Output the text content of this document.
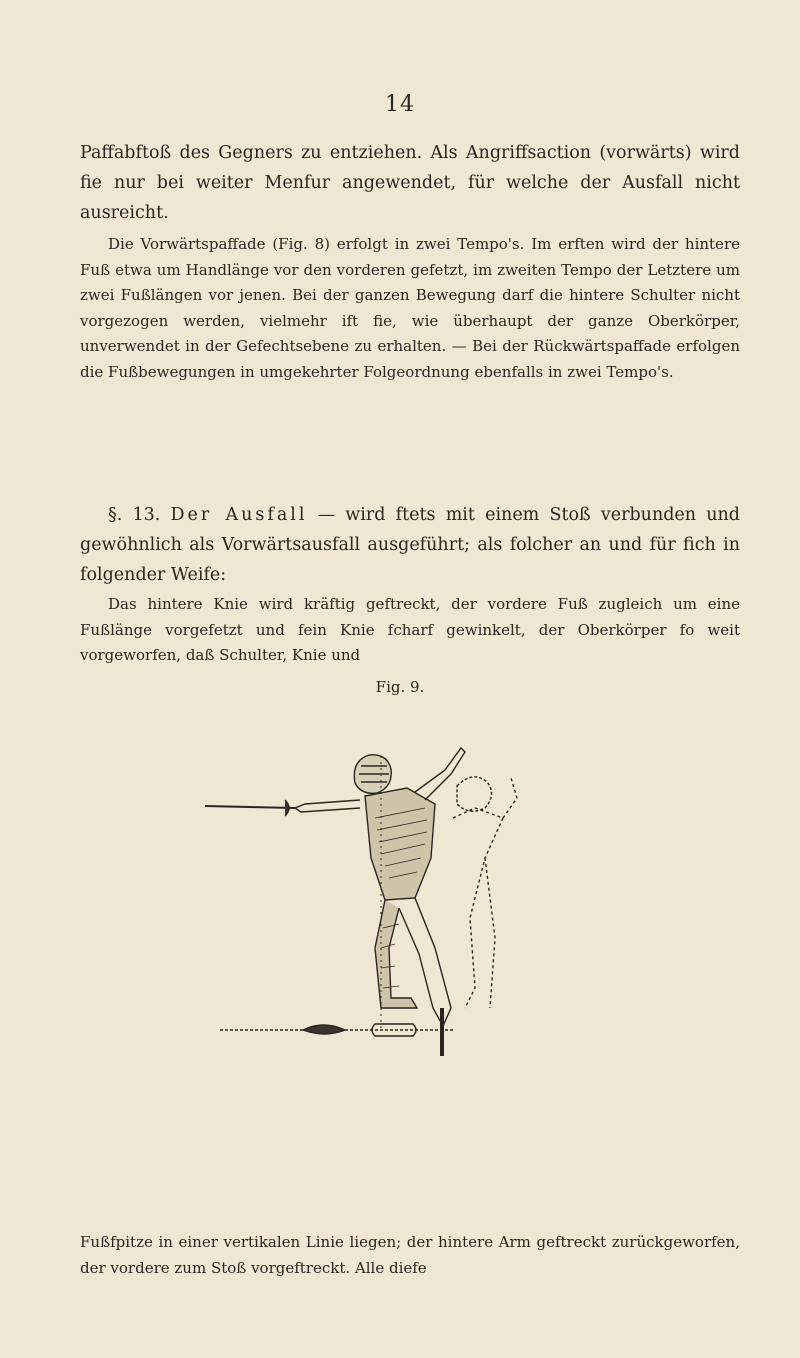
14

Paffabftoß des Gegners zu entziehen. Als Angriffsaction (vorwärts) wird fie nur bei weiter Menfur angewendet, für welche der Ausfall nicht ausreicht.

Die Vorwärtspaffade (Fig. 8) erfolgt in zwei Tempo's. Im erften wird der hintere Fuß etwa um Handlänge vor den vorderen gefetzt, im zweiten Tempo der Letztere um zwei Fußlängen vor jenen. Bei der ganzen Bewegung darf die hintere Schulter nicht vorgezogen werden, vielmehr ift fie, wie überhaupt der ganze Oberkörper, unverwendet in der Gefechtsebene zu erhalten. — Bei der Rückwärtspaffade erfolgen die Fußbewegungen in umgekehrter Folgeordnung ebenfalls in zwei Tempo's.

§. 13. Der Ausfall — wird ftets mit einem Stoß verbunden und gewöhnlich als Vorwärtsausfall ausgeführt; als folcher an und für fich in folgender Weife:

Das hintere Knie wird kräftig geftreckt, der vordere Fuß zugleich um eine Fußlänge vorgefetzt und fein Knie fcharf gewinkelt, der Oberkörper fo weit vorgeworfen, daß Schulter, Knie und

Fig. 9.

Fußfpitze in einer vertikalen Linie liegen; der hintere Arm geftreckt zurückgeworfen, der vordere zum Stoß vorgeftreckt. Alle diefe
